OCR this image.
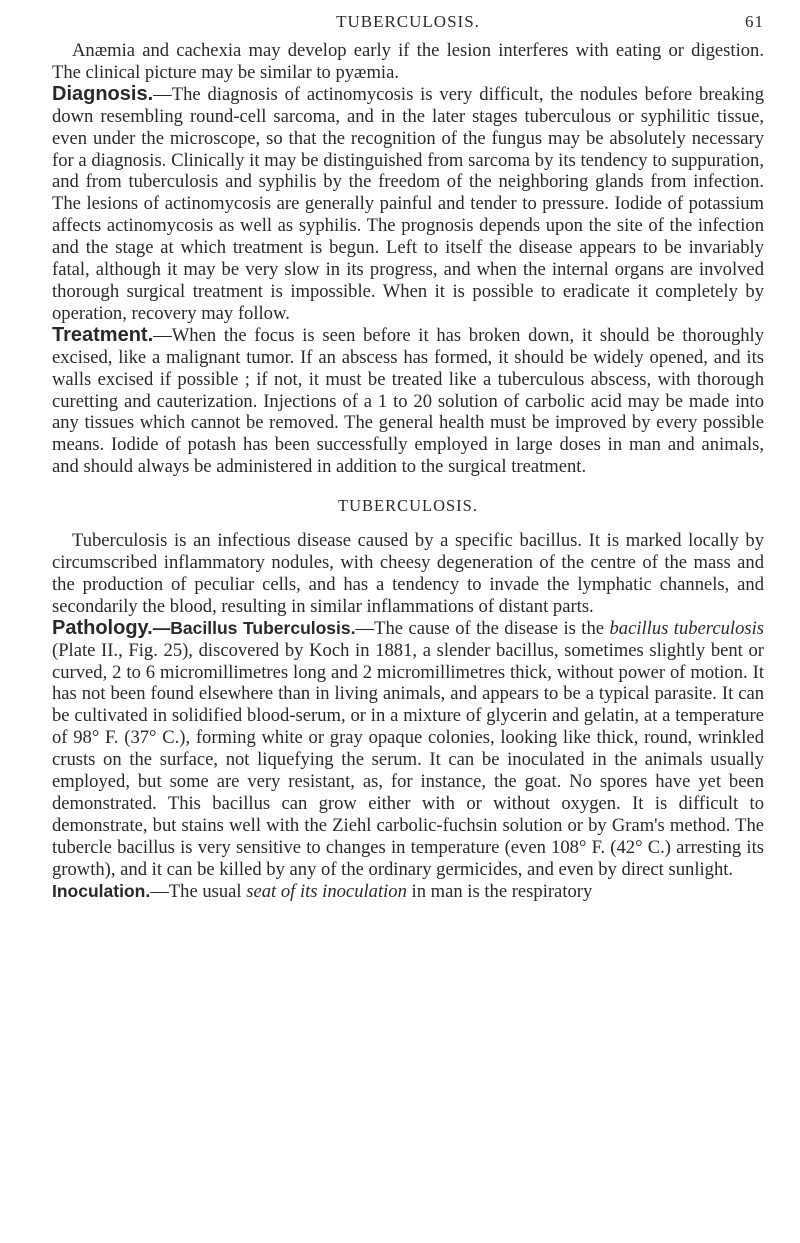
TUBERCULOSIS.	61

Anæmia and cachexia may develop early if the lesion interferes with eating or digestion. The clinical picture may be similar to pyæmia.

Diagnosis.—The diagnosis of actinomycosis is very difficult, the nodules before breaking down resembling round-cell sarcoma, and in the later stages tuberculous or syphilitic tissue, even under the microscope, so that the recognition of the fungus may be absolutely necessary for a diagnosis. Clinically it may be distinguished from sarcoma by its tendency to suppuration, and from tuberculosis and syphilis by the freedom of the neighboring glands from infection. The lesions of actinomycosis are generally painful and tender to pressure. Iodide of potassium affects actinomycosis as well as syphilis. The prognosis depends upon the site of the infection and the stage at which treatment is begun. Left to itself the disease appears to be invariably fatal, although it may be very slow in its progress, and when the internal organs are involved thorough surgical treatment is impossible. When it is possible to eradicate it completely by operation, recovery may follow.

Treatment.—When the focus is seen before it has broken down, it should be thoroughly excised, like a malignant tumor. If an abscess has formed, it should be widely opened, and its walls excised if possible ; if not, it must be treated like a tuberculous abscess, with thorough curetting and cauterization. Injections of a 1 to 20 solution of carbolic acid may be made into any tissues which cannot be removed. The general health must be improved by every possible means. Iodide of potash has been successfully employed in large doses in man and animals, and should always be administered in addition to the surgical treatment.

TUBERCULOSIS.

Tuberculosis is an infectious disease caused by a specific bacillus. It is marked locally by circumscribed inflammatory nodules, with cheesy degeneration of the centre of the mass and the production of peculiar cells, and has a tendency to invade the lymphatic channels, and secondarily the blood, resulting in similar inflammations of distant parts.

Pathology.—Bacillus Tuberculosis.—The cause of the disease is the bacillus tuberculosis (Plate II., Fig. 25), discovered by Koch in 1881, a slender bacillus, sometimes slightly bent or curved, 2 to 6 micromillimetres long and 2 micromillimetres thick, without power of motion. It has not been found elsewhere than in living animals, and appears to be a typical parasite. It can be cultivated in solidified blood-serum, or in a mixture of glycerin and gelatin, at a temperature of 98° F. (37° C.), forming white or gray opaque colonies, looking like thick, round, wrinkled crusts on the surface, not liquefying the serum. It can be inoculated in the animals usually employed, but some are very resistant, as, for instance, the goat. No spores have yet been demonstrated. This bacillus can grow either with or without oxygen. It is difficult to demonstrate, but stains well with the Ziehl carbolic-fuchsin solution or by Gram's method. The tubercle bacillus is very sensitive to changes in temperature (even 108° F. (42° C.) arresting its growth), and it can be killed by any of the ordinary germicides, and even by direct sunlight.

Inoculation.—The usual seat of its inoculation in man is the respiratory
